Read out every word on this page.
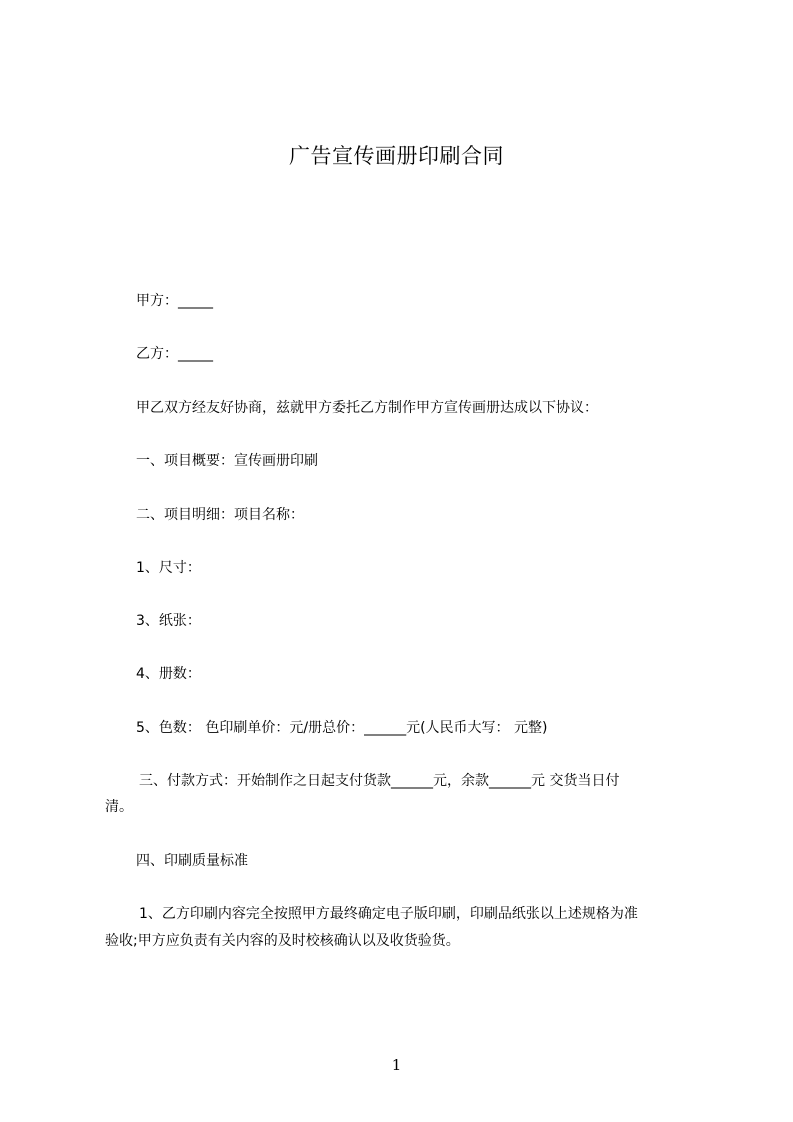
广告宣传画册印刷合同
甲方：_____
乙方：_____
甲乙双方经友好协商，兹就甲方委托乙方制作甲方宣传画册达成以下协议：
一、项目概要：宣传画册印刷
二、项目明细：项目名称：
1、尺寸：
3、纸张：
4、册数：
5、色数： 色印刷单价：元/册总价：______元(人民币大写： 元整)
三、付款方式：开始制作之日起支付货款______元，余款______元 交货当日付
清。
四、印刷质量标准
1、乙方印刷内容完全按照甲方最终确定电子版印刷，印刷品纸张以上述规格为准
验收;甲方应负责有关内容的及时校核确认以及收货验货。
1
